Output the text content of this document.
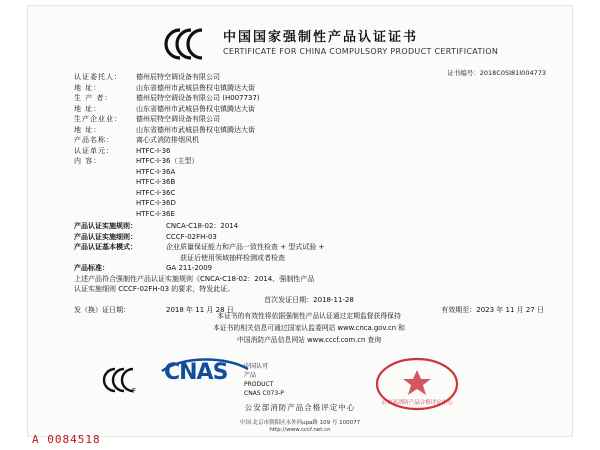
中国国家强制性产品认证证书
CERTIFICATE FOR CHINA COMPULSORY PRODUCT CERTIFICATION
证书编号：2018C0SI81I004773
认证委托人：	德州辰特空调设备有限公司
地 址：	山东省德州市武城县鲁权屯镇腾达大街
生 产 者：	德州辰特空调设备有限公司 (H007737)
地 址：	山东省德州市武城县鲁权屯镇腾达大街
生产企业业：	德州辰特空调设备有限公司
地 址：	山东省德州市武城县鲁权屯镇腾达大街
产品名称：	离心式消防排烟风机
认证单元：	HTFC-I-36
内 容：	HTFC-I-36（主型）
HTFC-I-36A
HTFC-I-36B
HTFC-I-36C
HTFC-I-36D
HTFC-I-36E
产品认证实施规则：	CNCA-C18-02：2014
产品认证实施细则：	CCCF-02FH-03
产品认证基本模式：	企业质量保证能力和产品一致性检查 + 型式试验 +
获证后使用领域抽样检测或者检查
产品标准：	GA 211-2009
上述产品符合强制性产品认证实施规则《CNCA-C18-02：2014、强制性产品
认证实施细则 CCCF-02FH-03 的要求，特发此证。
首次发证日期：2018-11-28
发（换）证日期：	2018 年 11 月 28 日	有效期至： 2023 年 11 月 27 日
本证书的有效性将依据强制性产品认证通过定期监督获得保持
本证书的相关信息可通过国家认监委网站 www.cnca.gov.cn 和
中国消防产品信息网站 www.cccf.com.cn 查询
F
CNAS	中国认可
产品
PRODUCT
CNAS C073-P
公安部消防产品合格评定中心
公安部消防产品合格评定中心
中国·北京市朝阳区永外西upa路 109 号 100077
http://www.cccf.net.cn
A 0084518
